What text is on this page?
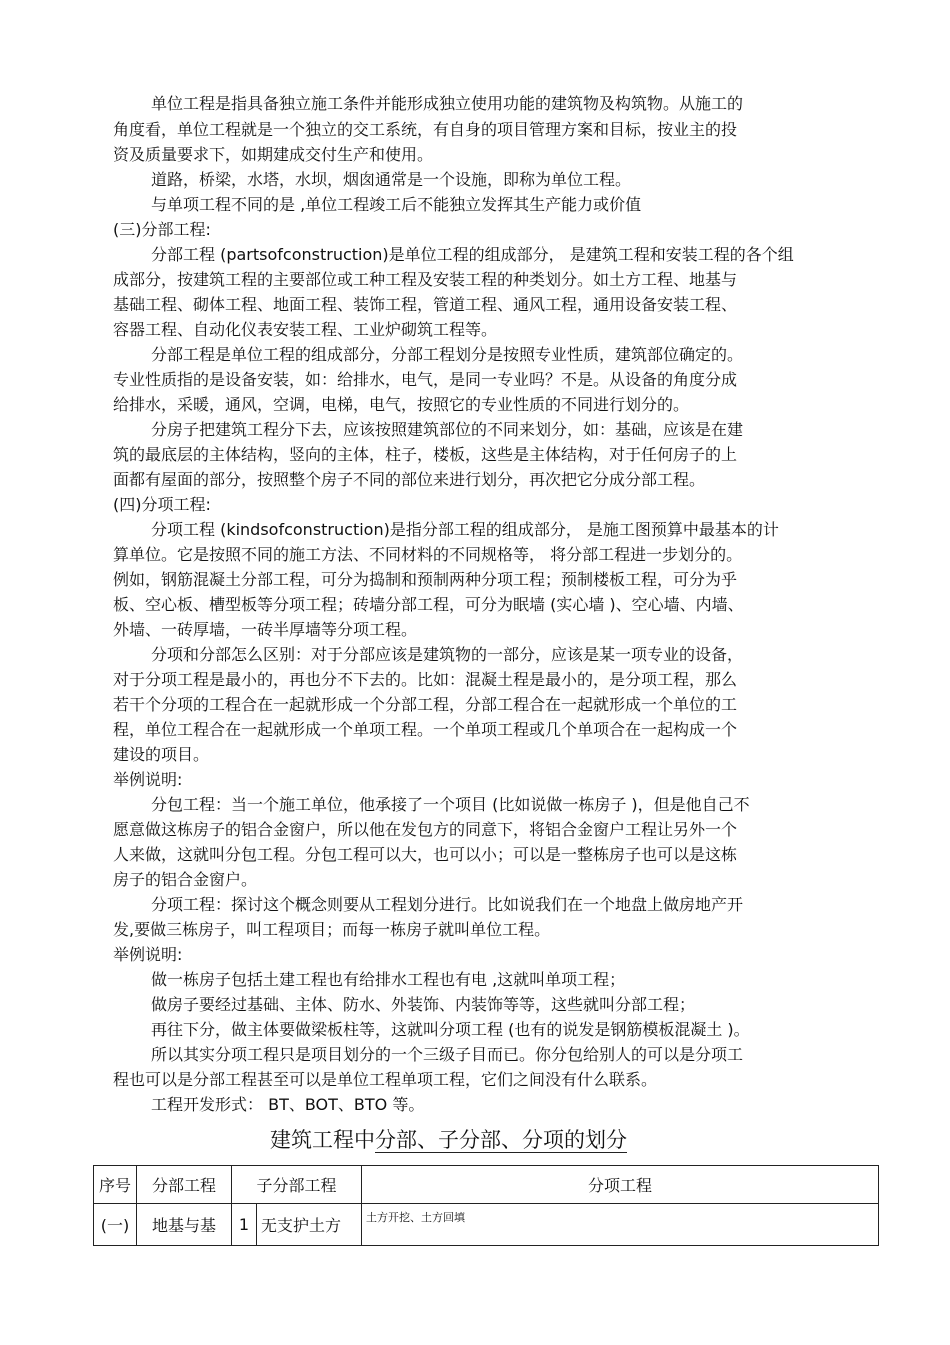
单位工程是指具备独立施工条件并能形成独立使用功能的建筑物及构筑物。从施工的
角度看，单位工程就是一个独立的交工系统，有自身的项目管理方案和目标，按业主的投
资及质量要求下，如期建成交付生产和使用。
道路，桥梁，水塔，水坝，烟囱通常是一个设施，即称为单位工程。
与单项工程不同的是 ,单位工程竣工后不能独立发挥其生产能力或价值
(三)分部工程:
分部工程 (partsofconstruction)是单位工程的组成部分， 是建筑工程和安装工程的各个组
成部分，按建筑工程的主要部位或工种工程及安装工程的种类划分。如土方工程、地基与
基础工程、砌体工程、地面工程、装饰工程，管道工程、通风工程，通用设备安装工程、
容器工程、自动化仪表安装工程、工业炉砌筑工程等。
分部工程是单位工程的组成部分，分部工程划分是按照专业性质，建筑部位确定的。
专业性质指的是设备安装，如：给排水，电气，是同一专业吗？不是。从设备的角度分成
给排水，采暖，通风，空调，电梯，电气，按照它的专业性质的不同进行划分的。
分房子把建筑工程分下去，应该按照建筑部位的不同来划分，如：基础，应该是在建
筑的最底层的主体结构，竖向的主体，柱子，楼板，这些是主体结构，对于任何房子的上
面都有屋面的部分，按照整个房子不同的部位来进行划分，再次把它分成分部工程。
(四)分项工程:
分项工程 (kindsofconstruction)是指分部工程的组成部分， 是施工图预算中最基本的计
算单位。它是按照不同的施工方法、不同材料的不同规格等， 将分部工程进一步划分的。
例如，钢筋混凝土分部工程，可分为捣制和预制两种分项工程；预制楼板工程，可分为乎
板、空心板、槽型板等分项工程；砖墙分部工程，可分为眠墙 (实心墙 )、空心墙、内墙、
外墙、一砖厚墙，一砖半厚墙等分项工程。
分项和分部怎么区别：对于分部应该是建筑物的一部分，应该是某一项专业的设备，
对于分项工程是最小的，再也分不下去的。比如：混凝土程是最小的，是分项工程，那么
若干个分项的工程合在一起就形成一个分部工程，分部工程合在一起就形成一个单位的工
程，单位工程合在一起就形成一个单项工程。一个单项工程或几个单项合在一起构成一个
建设的项目。
举例说明:
分包工程：当一个施工单位，他承接了一个项目 (比如说做一栋房子 )，但是他自己不
愿意做这栋房子的铝合金窗户，所以他在发包方的同意下，将铝合金窗户工程让另外一个
人来做，这就叫分包工程。分包工程可以大，也可以小；可以是一整栋房子也可以是这栋
房子的铝合金窗户。
分项工程：探讨这个概念则要从工程划分进行。比如说我们在一个地盘上做房地产开
发,要做三栋房子，叫工程项目；而每一栋房子就叫单位工程。
举例说明:
做一栋房子包括土建工程也有给排水工程也有电 ,这就叫单项工程；
做房子要经过基础、主体、防水、外装饰、内装饰等等，这些就叫分部工程；
再往下分，做主体要做梁板柱等，这就叫分项工程 (也有的说发是钢筋模板混凝土 )。
所以其实分项工程只是项目划分的一个三级子目而已。你分包给别人的可以是分项工
程也可以是分部工程甚至可以是单位工程单项工程，它们之间没有什么联系。
工程开发形式： BT、BOT、BTO 等。
建筑工程中分部、子分部、分项的划分
序号	分部工程	子分部工程		分项工程
(一)	地基与基	1	无支护土方	土方开挖、土方回填
